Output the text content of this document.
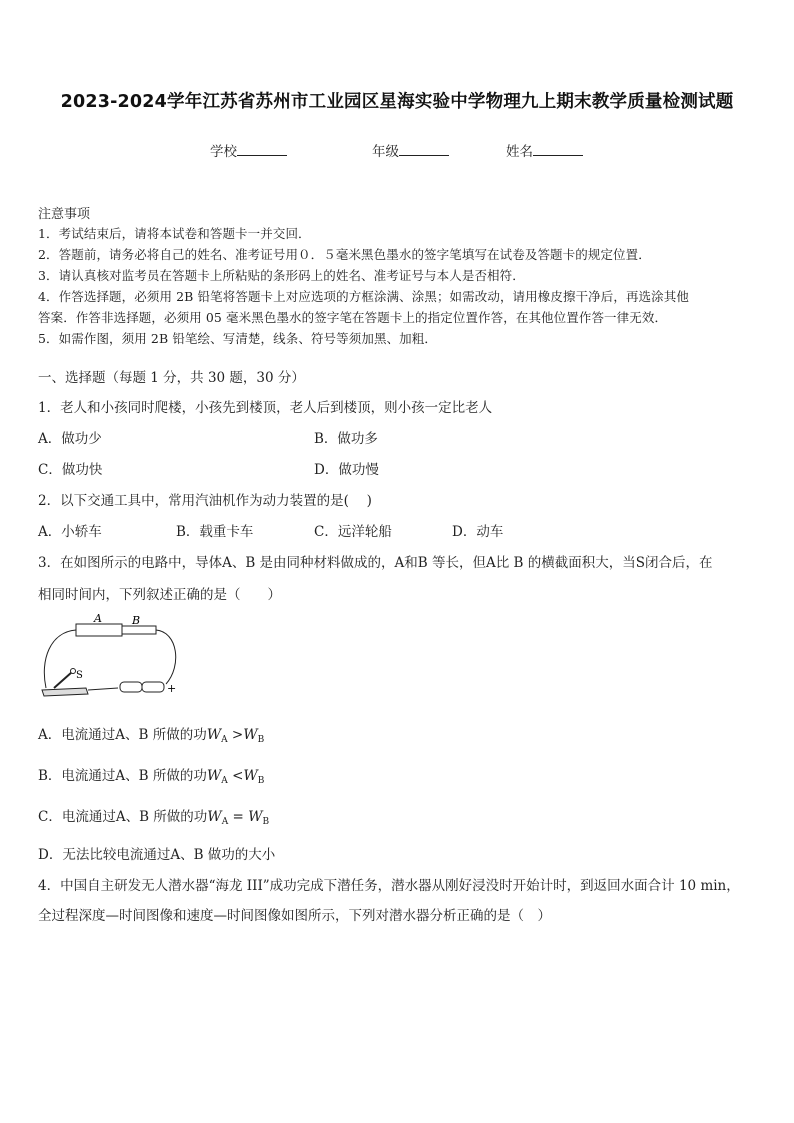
2023-2024学年江苏省苏州市工业园区星海实验中学物理九上期末教学质量检测试题
学校	年级	姓名
注意事项
1．考试结束后，请将本试卷和答题卡一并交回．
2．答题前，请务必将自己的姓名、准考证号用０．５毫米黑色墨水的签字笔填写在试卷及答题卡的规定位置．
3．请认真核对监考员在答题卡上所粘贴的条形码上的姓名、准考证号与本人是否相符．
4．作答选择题，必须用 2B 铅笔将答题卡上对应选项的方框涂满、涂黑；如需改动，请用橡皮擦干净后，再选涂其他
答案．作答非选择题，必须用 05 毫米黑色墨水的签字笔在答题卡上的指定位置作答，在其他位置作答一律无效．
5．如需作图，须用 2B 铅笔绘、写清楚，线条、符号等须加黑、加粗．
一、选择题（每题 1 分，共 30 题，30 分）
1．老人和小孩同时爬楼，小孩先到楼顶，老人后到楼顶，则小孩一定比老人
A．做功少	B．做功多
C．做功快	D．做功慢
2．以下交通工具中，常用汽油机作为动力装置的是(　 )
A．小轿车	B．载重卡车	C．远洋轮船	D．动车
3．在如图所示的电路中，导体A、B 是由同种材料做成的，A和B 等长，但A比 B 的横截面积大，当S闭合后，在
相同时间内，下列叙述正确的是（　　）
A	B
S
+
A．电流通过A、B 所做的功$W_A >W_B$
B．电流通过A、B 所做的功$W_A <W_B$
C．电流通过A、B 所做的功$W_A = W_B$
D．无法比较电流通过A、B 做功的大小
4．中国自主研发无人潜水器“海龙 III”成功完成下潜任务，潜水器从刚好浸没时开始计时，到返回水面合计 10 min，
全过程深度—时间图像和速度—时间图像如图所示，下列对潜水器分析正确的是（　）
